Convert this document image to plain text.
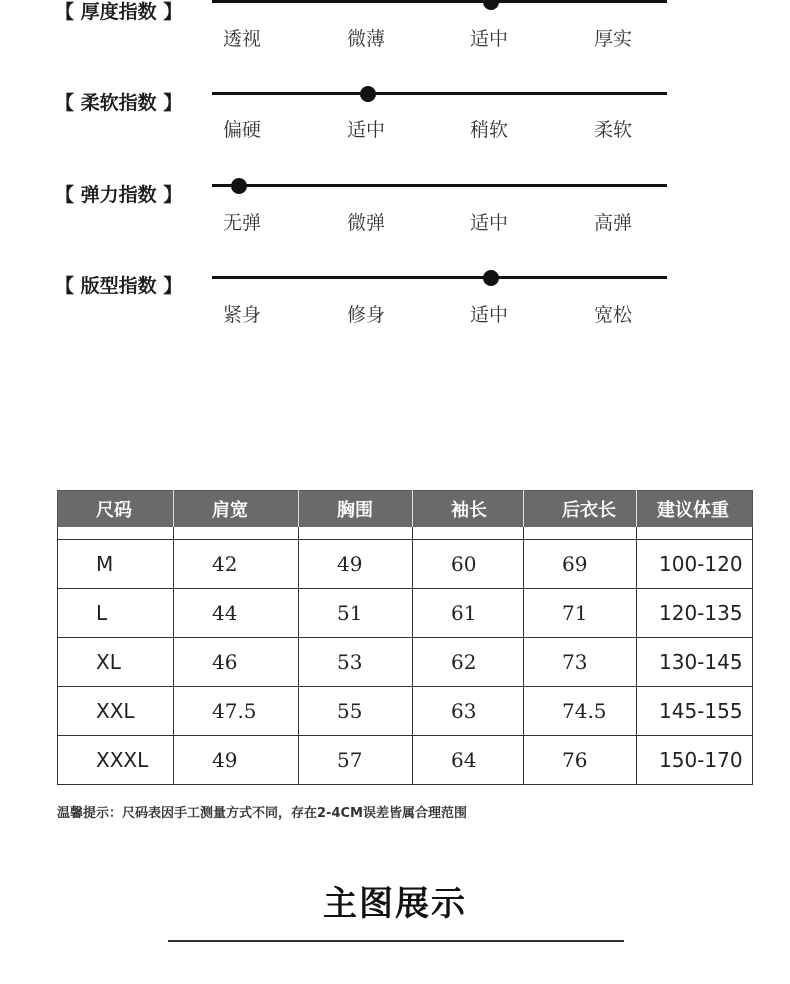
【 厚度指数 】
透视	微薄	适中	厚实
【 柔软指数 】
偏硬	适中	稍软	柔软
【 弹力指数 】
无弹	微弹	适中	高弹
【 版型指数 】
紧身	修身	适中	宽松
尺码	肩宽	胸围	袖长	后衣长	建议体重

M	42	49	60	69	100-120
L	44	51	61	71	120-135
XL	46	53	62	73	130-145
XXL	47.5	55	63	74.5	145-155
XXXL	49	57	64	76	150-170
温馨提示：尺码表因手工测量方式不同，存在2-4CM误差皆属合理范围
主图展示
